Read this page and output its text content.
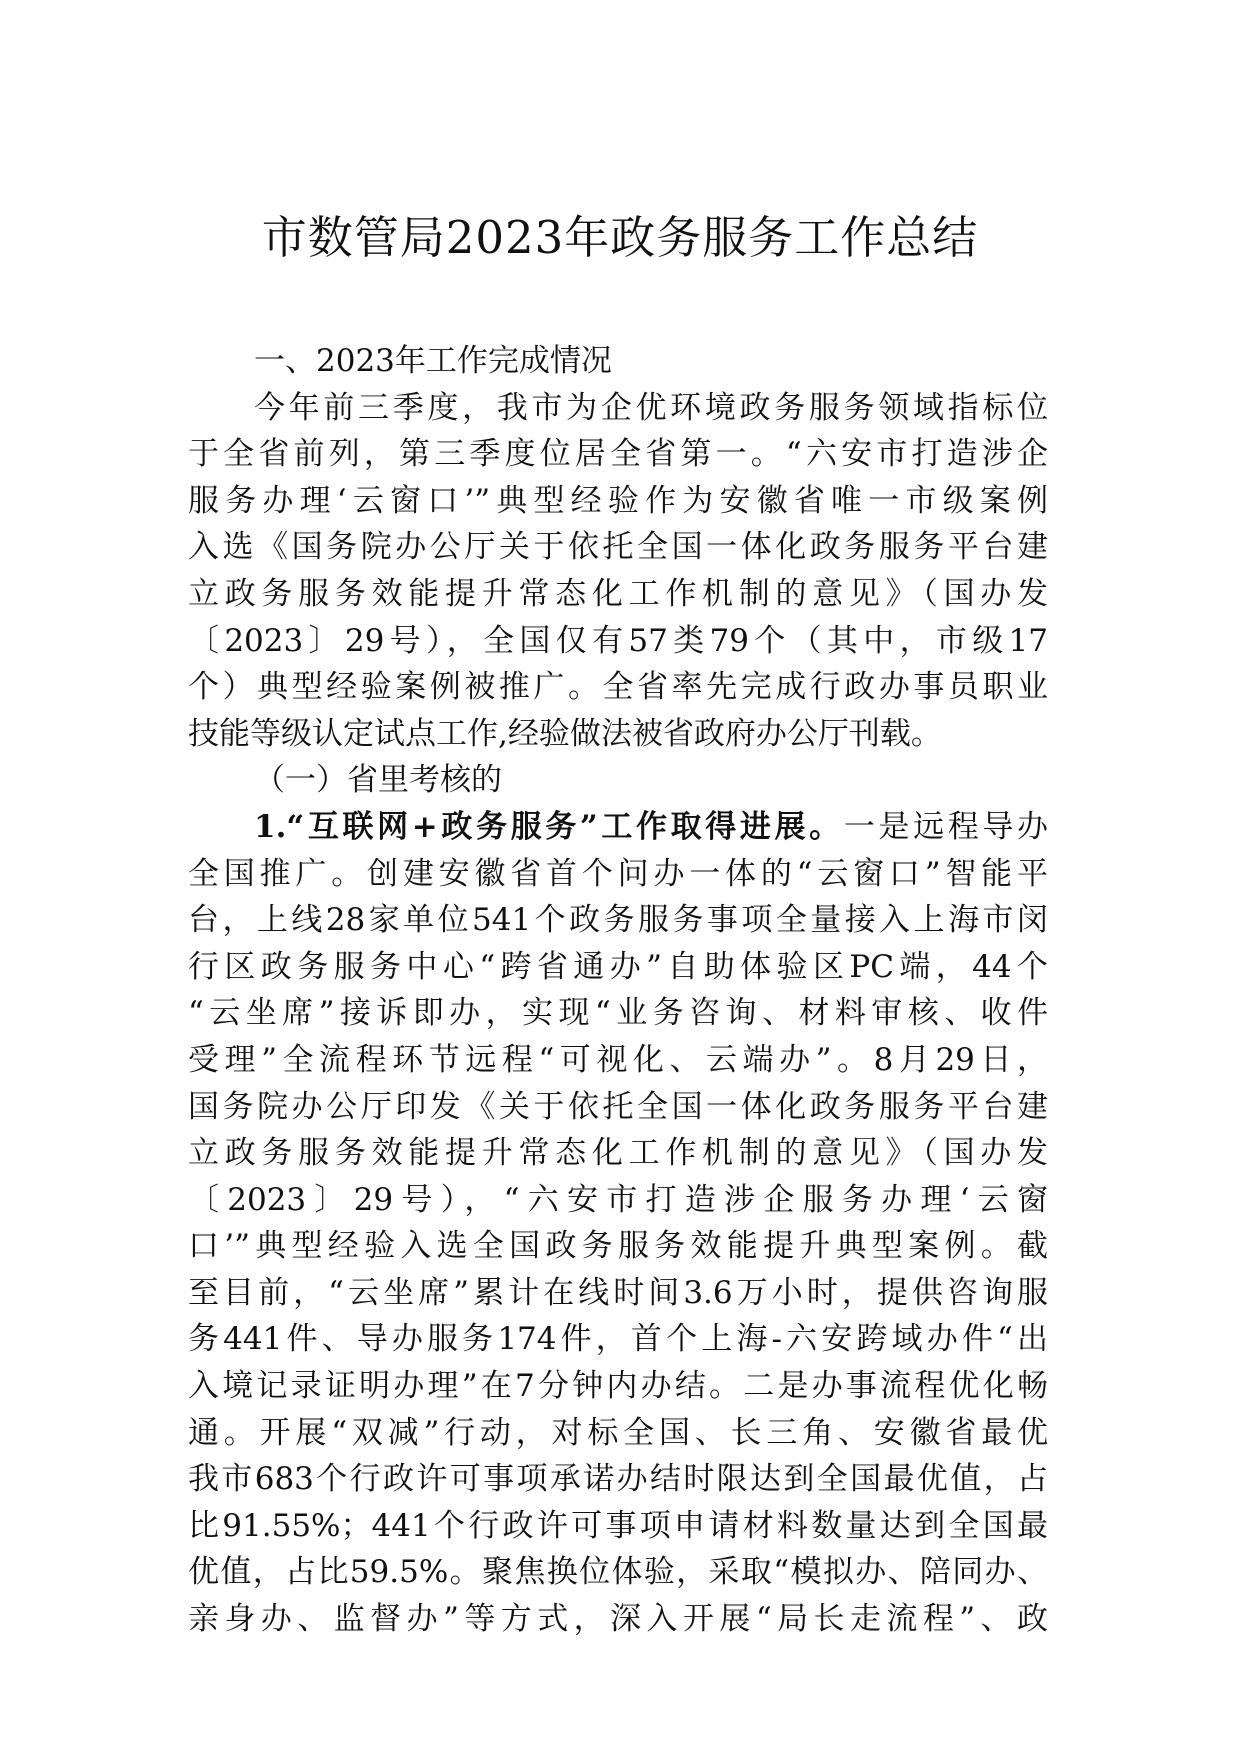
市数管局2023年政务服务工作总结
一、2023年工作完成情况
今年前三季度，我市为企优环境政务服务领域指标位
于全省前列，第三季度位居全省第一。“六安市打造涉企
服务办理‘云窗口’”典型经验作为安徽省唯一市级案例
入选《国务院办公厅关于依托全国一体化政务服务平台建
立政务服务效能提升常态化工作机制的意见》（国办发
〔2023〕29号），全国仅有57类79个（其中，市级17
个）典型经验案例被推广。全省率先完成行政办事员职业
技能等级认定试点工作,经验做法被省政府办公厅刊载。
（一）省里考核的
1.“互联网+政务服务”工作取得进展。一是远程导办
全国推广。创建安徽省首个问办一体的“云窗口”智能平
台，上线28家单位541个政务服务事项全量接入上海市闵
行区政务服务中心“跨省通办”自助体验区PC端，44个
“云坐席”接诉即办，实现“业务咨询、材料审核、收件
受理”全流程环节远程“可视化、云端办”。8月29日，
国务院办公厅印发《关于依托全国一体化政务服务平台建
立政务服务效能提升常态化工作机制的意见》（国办发
〔2023〕29号），“六安市打造涉企服务办理‘云窗
口’”典型经验入选全国政务服务效能提升典型案例。截
至目前，“云坐席”累计在线时间3.6万小时，提供咨询服
务441件、导办服务174件，首个上海-六安跨域办件“出
入境记录证明办理”在7分钟内办结。二是办事流程优化畅
通。开展“双减”行动，对标全国、长三角、安徽省最优
我市683个行政许可事项承诺办结时限达到全国最优值，占
比91.55%；441个行政许可事项申请材料数量达到全国最
优值，占比59.5%。聚焦换位体验，采取“模拟办、陪同办、
亲身办、监督办”等方式，深入开展“局长走流程”、政
